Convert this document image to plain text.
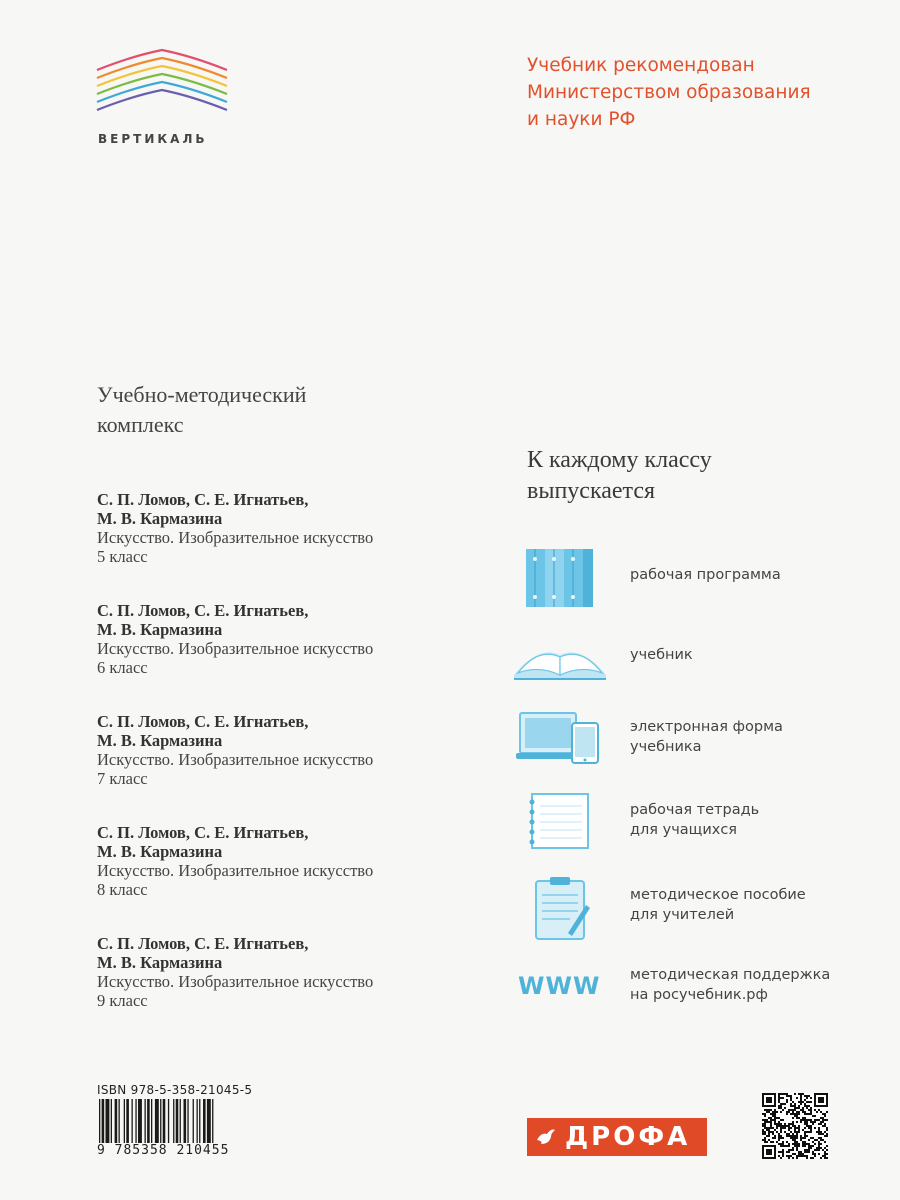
ВЕРТИКАЛЬ
Учебник рекомендован
Министерством образования
и науки РФ
Учебно-методический
комплекс
С. П. Ломов, С. Е. Игнатьев,
М. В. Кармазина
Искусство. Изобразительное искусство
5 класс
С. П. Ломов, С. Е. Игнатьев,
М. В. Кармазина
Искусство. Изобразительное искусство
6 класс
С. П. Ломов, С. Е. Игнатьев,
М. В. Кармазина
Искусство. Изобразительное искусство
7 класс
С. П. Ломов, С. Е. Игнатьев,
М. В. Кармазина
Искусство. Изобразительное искусство
8 класс
С. П. Ломов, С. Е. Игнатьев,
М. В. Кармазина
Искусство. Изобразительное искусство
9 класс
К каждому классу
выпускается
рабочая программа
учебник
электронная форма
учебника
рабочая тетрадь
для учащихся
методическое пособие
для учителей
WWW	методическая поддержка
на росучебник.рф
ISBN 978-5-358-21045-5
9 785358 210455	ДРОФА
